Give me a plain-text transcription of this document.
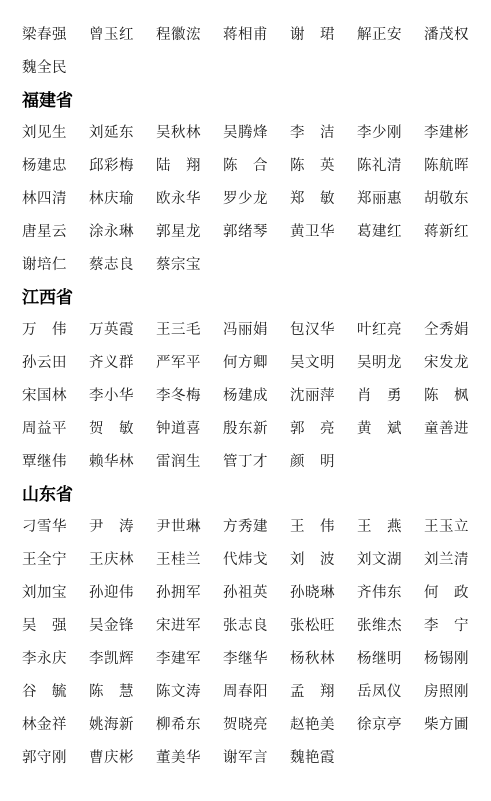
梁春强	曾玉红	程徽浤	蒋相甫	谢　珺	解正安	潘茂权
魏全民
福建省
刘见生	刘延东	吴秋林	吴腾烽	李　洁	李少刚	李建彬
杨建忠	邱彩梅	陆　翔	陈　合	陈　英	陈礼清	陈航晖
林四清	林庆瑜	欧永华	罗少龙	郑　敏	郑丽惠	胡敬东
唐星云	涂永琳	郭星龙	郭绪琴	黄卫华	葛建红	蒋新红
谢培仁	蔡志良	蔡宗宝
江西省
万　伟	万英霞	王三毛	冯丽娟	包汉华	叶红亮	仝秀娟
孙云田	齐义群	严军平	何方卿	吴文明	吴明龙	宋发龙
宋国林	李小华	李冬梅	杨建成	沈丽萍	肖　勇	陈　枫
周益平	贺　敏	钟道喜	殷东新	郭　亮	黄　斌	童善进
覃继伟	赖华林	雷润生	管丁才	颜　明
山东省
刁雪华	尹　涛	尹世琳	方秀建	王　伟	王　燕	王玉立
王全宁	王庆林	王桂兰	代炜戈	刘　波	刘文湖	刘兰清
刘加宝	孙迎伟	孙拥军	孙祖英	孙晓琳	齐伟东	何　政
吴　强	吴金锋	宋进军	张志良	张松旺	张维杰	李　宁
李永庆	李凯辉	李建军	李继华	杨秋林	杨继明	杨锡刚
谷　毓	陈　慧	陈文涛	周春阳	孟　翔	岳凤仪	房照刚
林金祥	姚海新	柳希东	贺晓亮	赵艳美	徐京亭	柴方圃
郭守刚	曹庆彬	董美华	谢军言	魏艳霞
